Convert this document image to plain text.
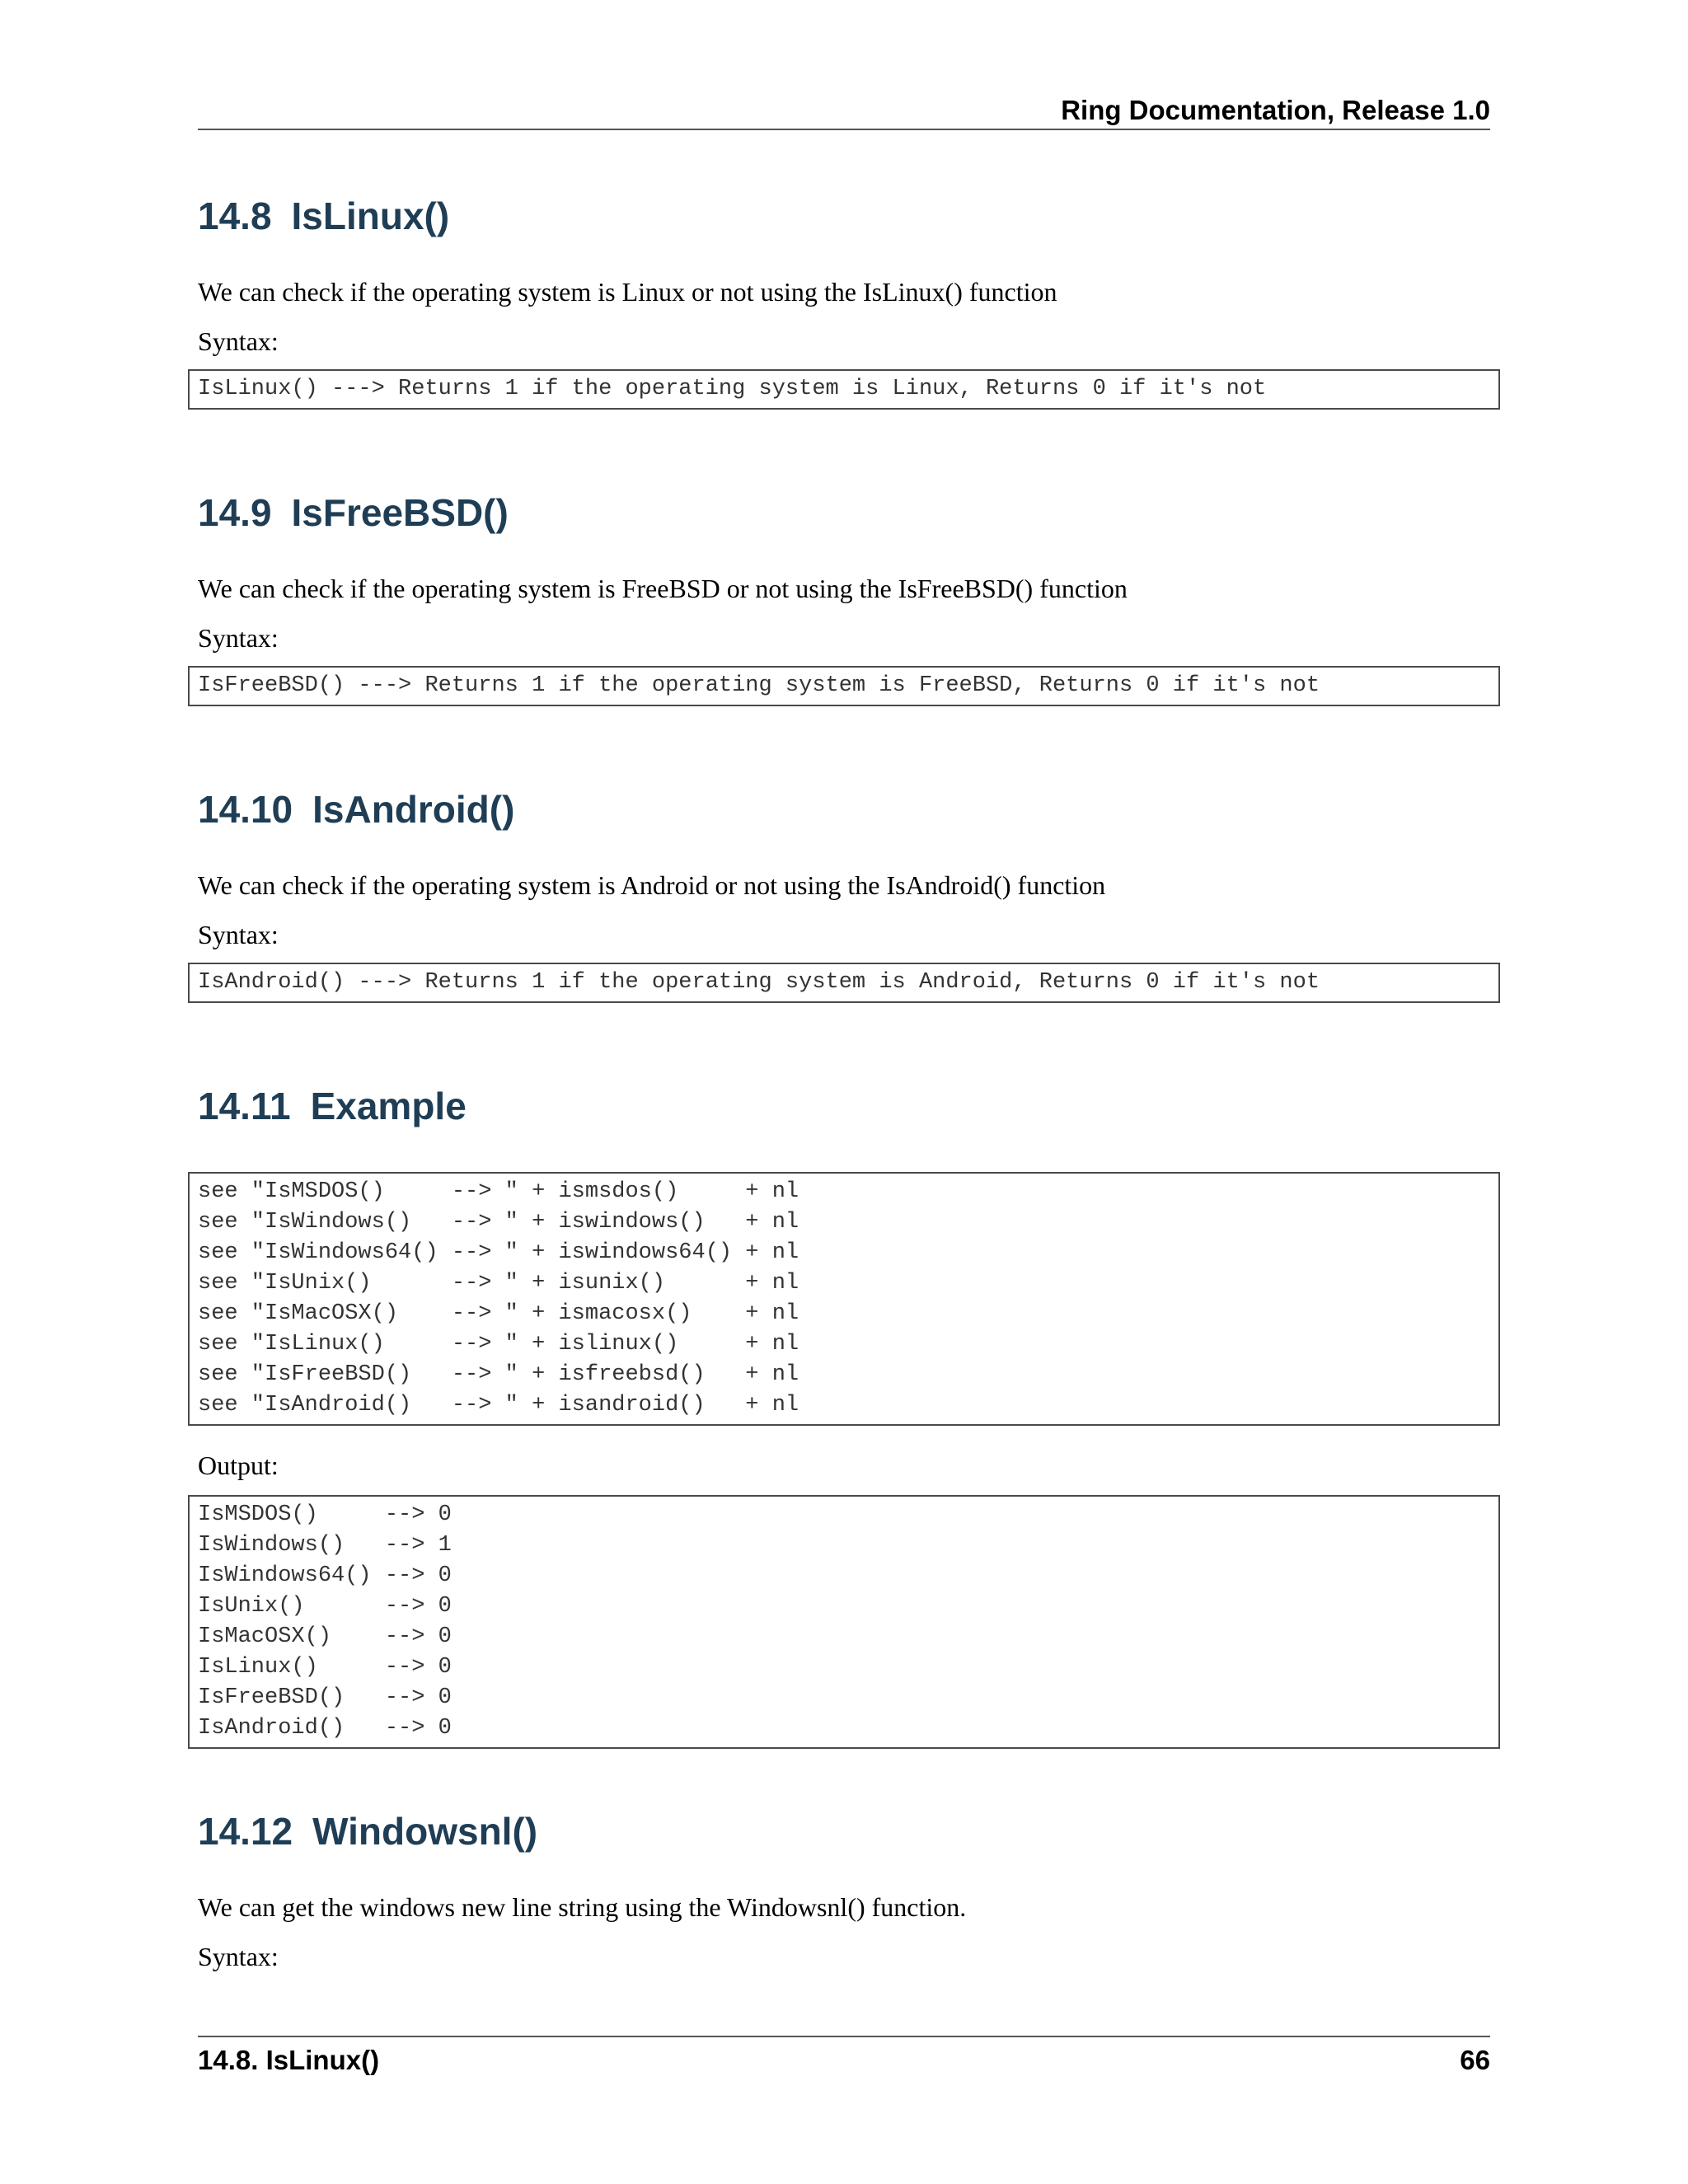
Ring Documentation, Release 1.0
14.8 IsLinux()

We can check if the operating system is Linux or not using the IsLinux() function

Syntax:

IsLinux() ---> Returns 1 if the operating system is Linux, Returns 0 if it's not
14.9 IsFreeBSD()

We can check if the operating system is FreeBSD or not using the IsFreeBSD() function

Syntax:

IsFreeBSD() ---> Returns 1 if the operating system is FreeBSD, Returns 0 if it's not
14.10 IsAndroid()

We can check if the operating system is Android or not using the IsAndroid() function

Syntax:

IsAndroid() ---> Returns 1 if the operating system is Android, Returns 0 if it's not
14.11 Example
see "IsMSDOS()     --> " + ismsdos()     + nl
see "IsWindows()   --> " + iswindows()   + nl
see "IsWindows64() --> " + iswindows64() + nl
see "IsUnix()      --> " + isunix()      + nl
see "IsMacOSX()    --> " + ismacosx()    + nl
see "IsLinux()     --> " + islinux()     + nl
see "IsFreeBSD()   --> " + isfreebsd()   + nl
see "IsAndroid()   --> " + isandroid()   + nl

Output:

IsMSDOS()     --> 0
IsWindows()   --> 1
IsWindows64() --> 0
IsUnix()      --> 0
IsMacOSX()    --> 0
IsLinux()     --> 0
IsFreeBSD()   --> 0
IsAndroid()   --> 0
14.12 Windowsnl()

We can get the windows new line string using the Windowsnl() function.

Syntax:

14.8. IsLinux()	66
